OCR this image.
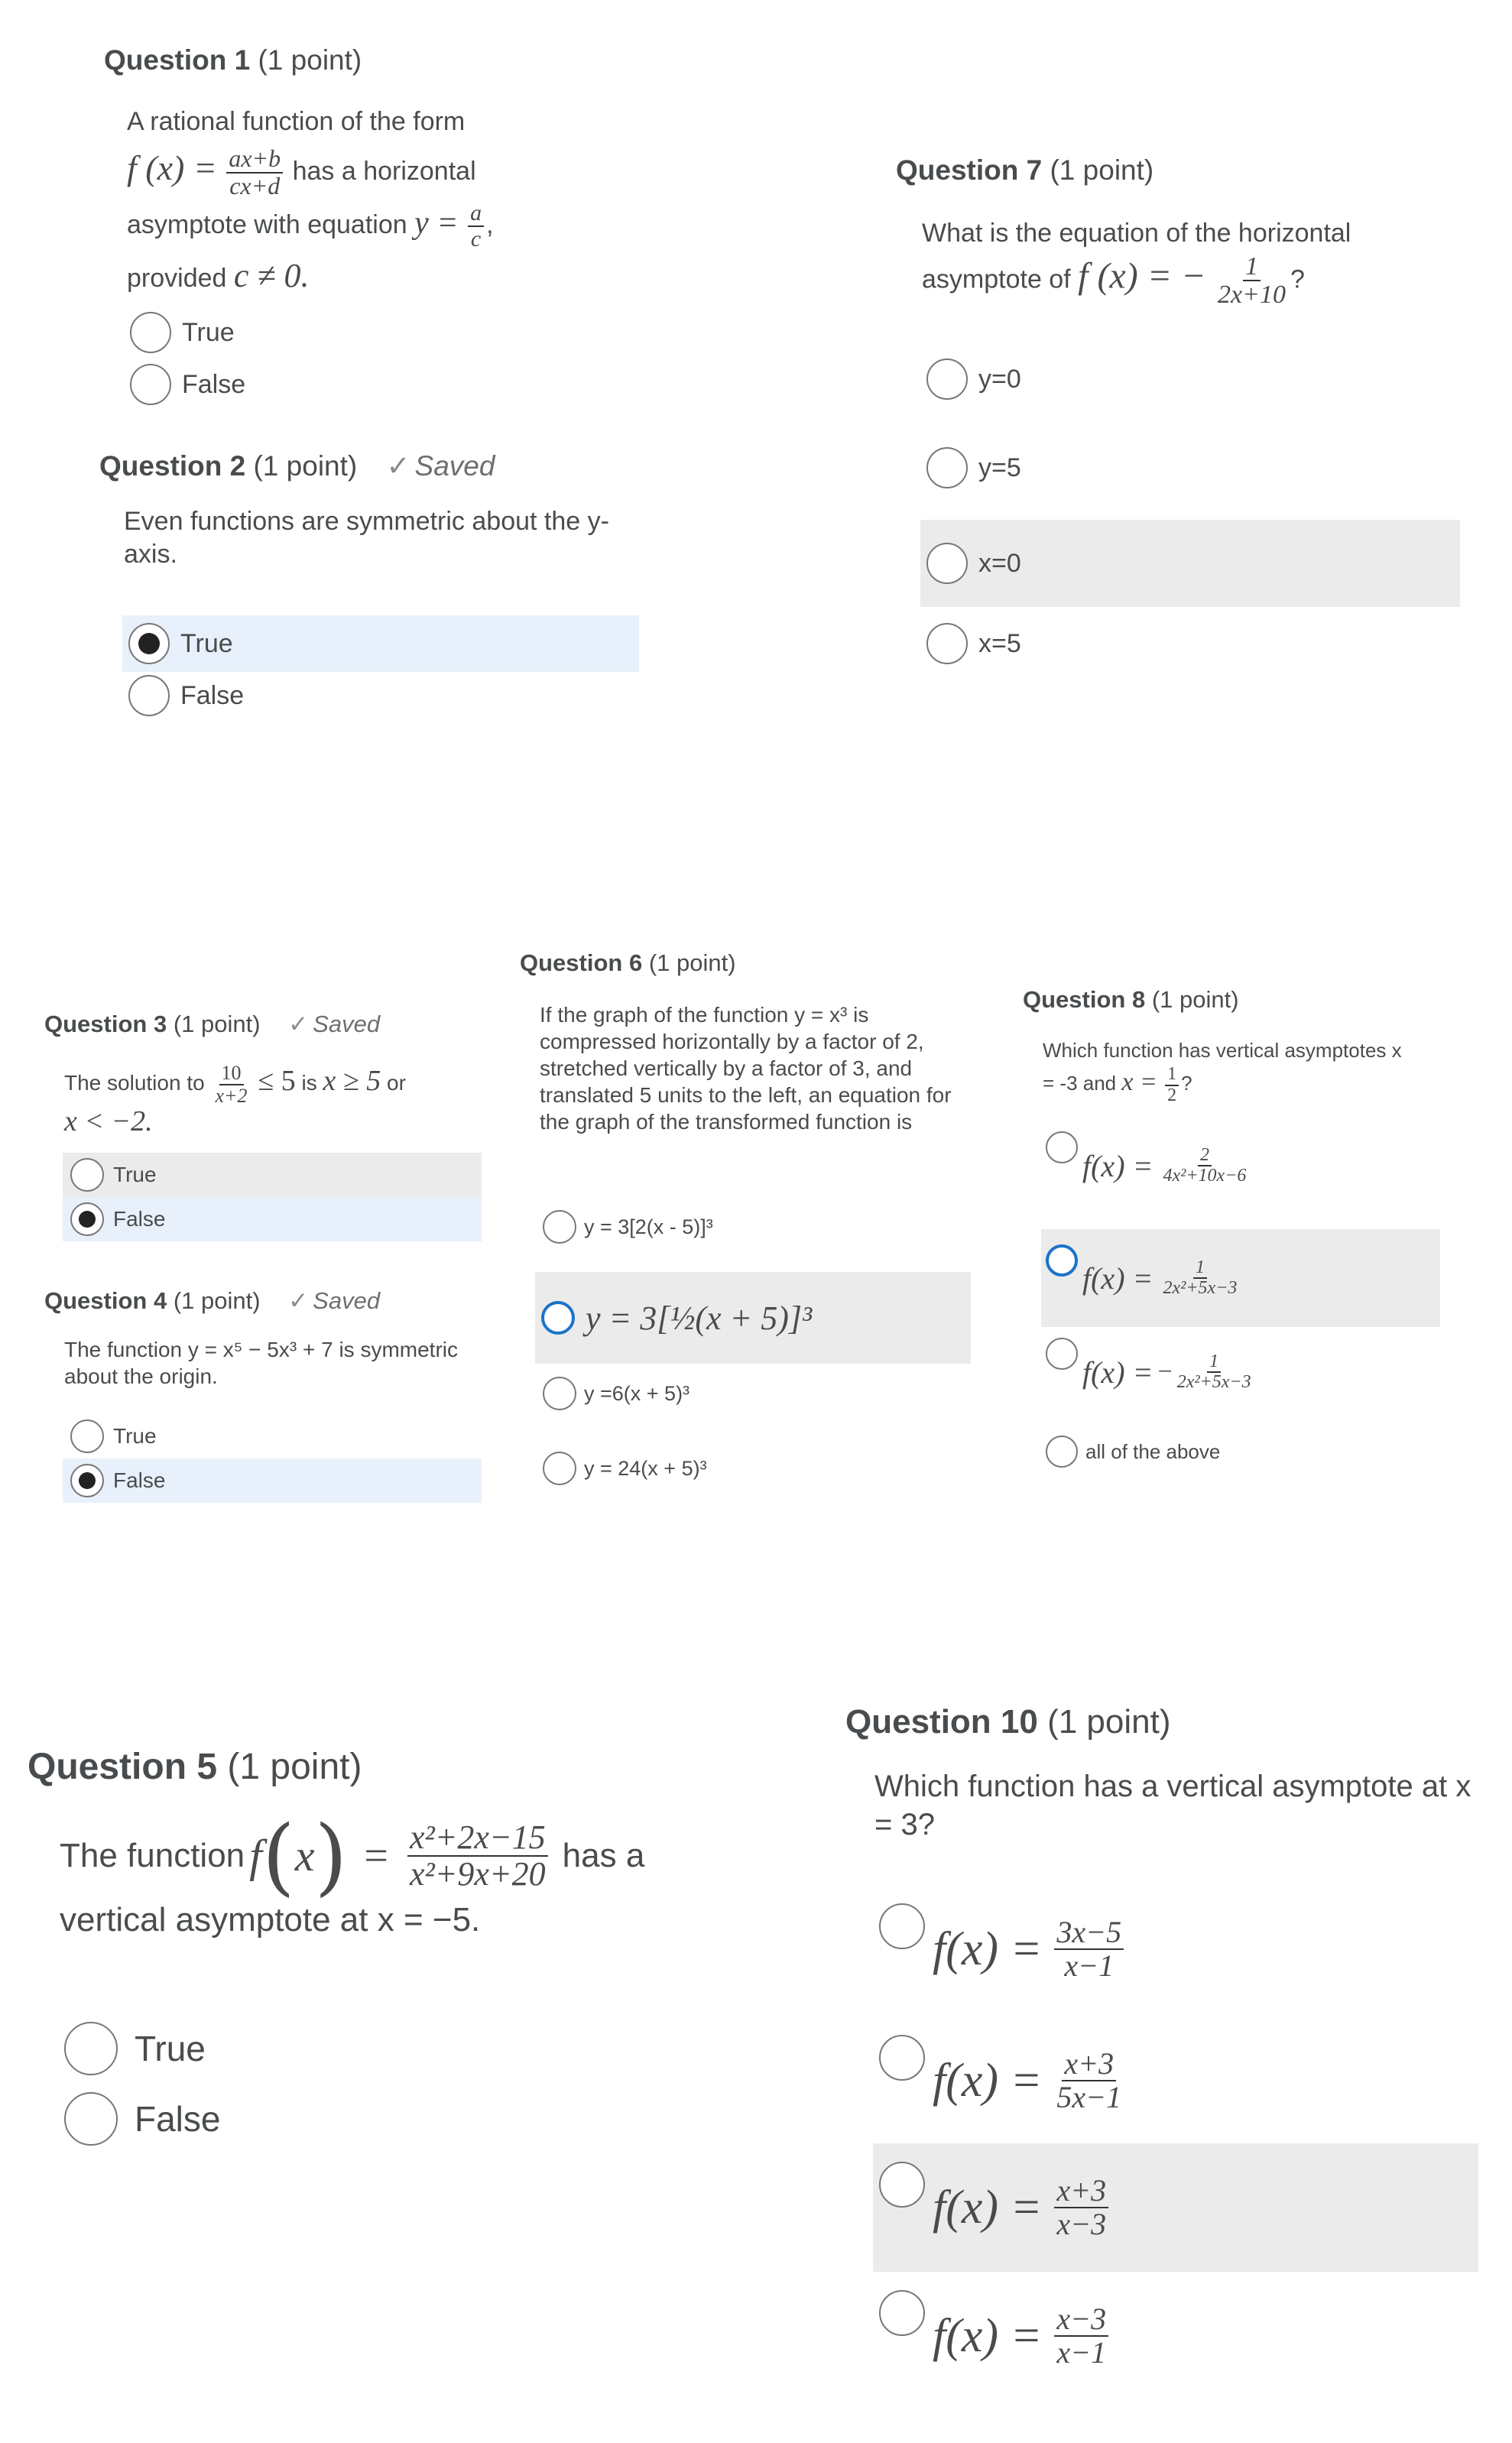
Question 1 (1 point)
A rational function of the form
f $(x) = \frac{ax+b}{cx+d}$ has a horizontal
asymptote with equation $y = \frac{a}{c}$ ,
provided c ≠ 0.
True
False
Question 2 (1 point) ✓ Saved
Even functions are symmetric about the y-axis.
True
False
Question 3 (1 point) ✓ Saved
The solution to $\frac{10}{x+2} \le 5$ is x ≥ 5 or
x < −2.
True
False
Question 4 (1 point) ✓ Saved
The function y = x⁵ − 5x³ + 7 is symmetric about the origin.
True
False
Question 5 (1 point)
The function f ( x ) = $\frac{\text{x²+2x−15}}{\text{x²+9x+20}}$ has a
vertical asymptote at x = −5.
True
False
Question 6 (1 point)
If the graph of the function y = x³ is compressed horizontally by a factor of 2, stretched vertically by a factor of 3, and translated 5 units to the left, an equation for the graph of the transformed function is
y = 3[2(x - 5)]³
y = 3[½(x + 5)]³
y =6(x + 5)³
y = 24(x + 5)³
Question 7 (1 point)
What is the equation of the horizontal
asymptote of f (x) = − $\frac{1}{2x+10}$ ?
y=0
y=5
x=0
x=5
Question 8 (1 point)
Which function has vertical asymptotes x
= -3 and $x = \frac{1}{2}$ ?
$f(x) = \frac{2}{\text{4x²+10x−6}}$
$f(x) = \frac{1}{\text{2x²+5x−3}}$
f(x) = − $\frac{1}{\text{2x²+5x−3}}$
all of the above
Question 10 (1 point)
Which function has a vertical asymptote at x = 3?
$f(x) = \frac{3x-5}{x-1}$
$f(x) = \frac{x+3}{5x-1}$
$f(x) = \frac{x+3}{x-3}$
$f(x) = \frac{x-3}{x-1}$
